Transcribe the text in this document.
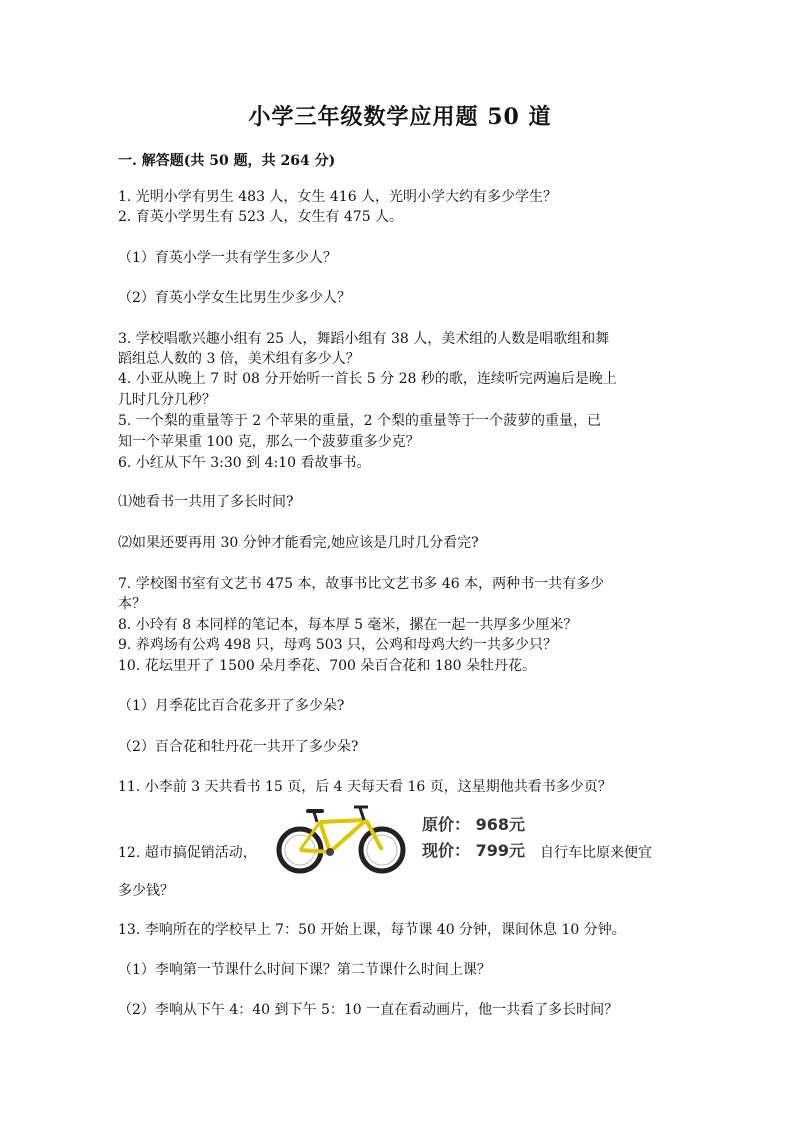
小学三年级数学应用题 50 道
一. 解答题(共 50 题，共 264 分)
1. 光明小学有男生 483 人，女生 416 人，光明小学大约有多少学生？
2. 育英小学男生有 523 人，女生有 475 人。
（1）育英小学一共有学生多少人？
（2）育英小学女生比男生少多少人？
3. 学校唱歌兴趣小组有 25 人，舞蹈小组有 38 人，美术组的人数是唱歌组和舞
蹈组总人数的 3 倍，美术组有多少人？
4. 小亚从晚上 7 时 08 分开始听一首长 5 分 28 秒的歌，连续听完两遍后是晚上
几时几分几秒？
5. 一个梨的重量等于 2 个苹果的重量，2 个梨的重量等于一个菠萝的重量，已
知一个苹果重 100 克，那么一个菠萝重多少克？
6. 小红从下午 3:30 到 4:10 看故事书。
⑴她看书一共用了多长时间?
⑵如果还要再用 30 分钟才能看完,她应该是几时几分看完?
7. 学校图书室有文艺书 475 本，故事书比文艺书多 46 本，两种书一共有多少
本？
8. 小玲有 8 本同样的笔记本，每本厚 5 毫米，摞在一起一共厚多少厘米？
9. 养鸡场有公鸡 498 只，母鸡 503 只，公鸡和母鸡大约一共多少只？
10. 花坛里开了 1500 朵月季花、700 朵百合花和 180 朵牡丹花。
（1）月季花比百合花多开了多少朵?
（2）百合花和牡丹花一共开了多少朵?
11. 小李前 3 天共看书 15 页，后 4 天每天看 16 页，这星期他共看书多少页？
12. 超市搞促销活动，
原价： 968元
现价： 799元 自行车比原来便宜
多少钱？
13. 李响所在的学校早上 7：50 开始上课，每节课 40 分钟，课间休息 10 分钟。
（1）李响第一节课什么时间下课？第二节课什么时间上课？
（2）李响从下午 4：40 到下午 5：10 一直在看动画片，他一共看了多长时间？
